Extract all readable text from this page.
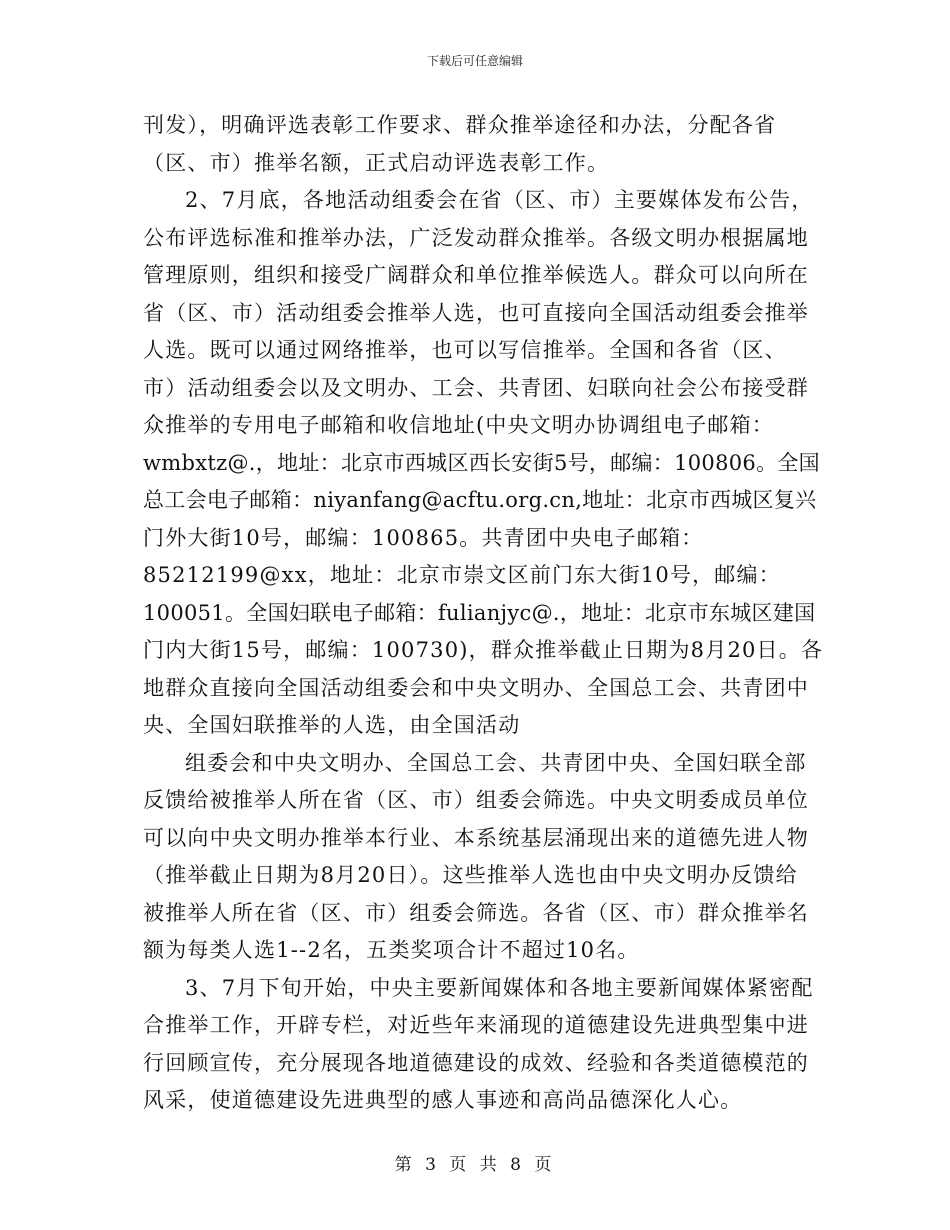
下载后可任意编辑
刊发），明确评选表彰工作要求、群众推举途径和办法，分配各省
（区、市）推举名额，正式启动评选表彰工作。
2、7月底，各地活动组委会在省（区、市）主要媒体发布公告，
公布评选标准和推举办法，广泛发动群众推举。各级文明办根据属地
管理原则，组织和接受广阔群众和单位推举候选人。群众可以向所在
省（区、市）活动组委会推举人选，也可直接向全国活动组委会推举
人选。既可以通过网络推举，也可以写信推举。全国和各省（区、
市）活动组委会以及文明办、工会、共青团、妇联向社会公布接受群
众推举的专用电子邮箱和收信地址(中央文明办协调组电子邮箱：
wmbxtz@.，地址：北京市西城区西长安街5号，邮编：100806。全国
总工会电子邮箱：niyanfang@acftu.org.cn,地址：北京市西城区复兴
门外大街10号，邮编：100865。共青团中央电子邮箱：
85212199@xx，地址：北京市崇文区前门东大街10号，邮编：
100051。全国妇联电子邮箱：fulianjyc@.，地址：北京市东城区建国
门内大街15号，邮编：100730)，群众推举截止日期为8月20日。各
地群众直接向全国活动组委会和中央文明办、全国总工会、共青团中
央、全国妇联推举的人选，由全国活动
组委会和中央文明办、全国总工会、共青团中央、全国妇联全部
反馈给被推举人所在省（区、市）组委会筛选。中央文明委成员单位
可以向中央文明办推举本行业、本系统基层涌现出来的道德先进人物
（推举截止日期为8月20日）。这些推举人选也由中央文明办反馈给
被推举人所在省（区、市）组委会筛选。各省（区、市）群众推举名
额为每类人选1--2名，五类奖项合计不超过10名。
3、7月下旬开始，中央主要新闻媒体和各地主要新闻媒体紧密配
合推举工作，开辟专栏，对近些年来涌现的道德建设先进典型集中进
行回顾宣传，充分展现各地道德建设的成效、经验和各类道德模范的
风采，使道德建设先进典型的感人事迹和高尚品德深化人心。
第 3 页 共 8 页
